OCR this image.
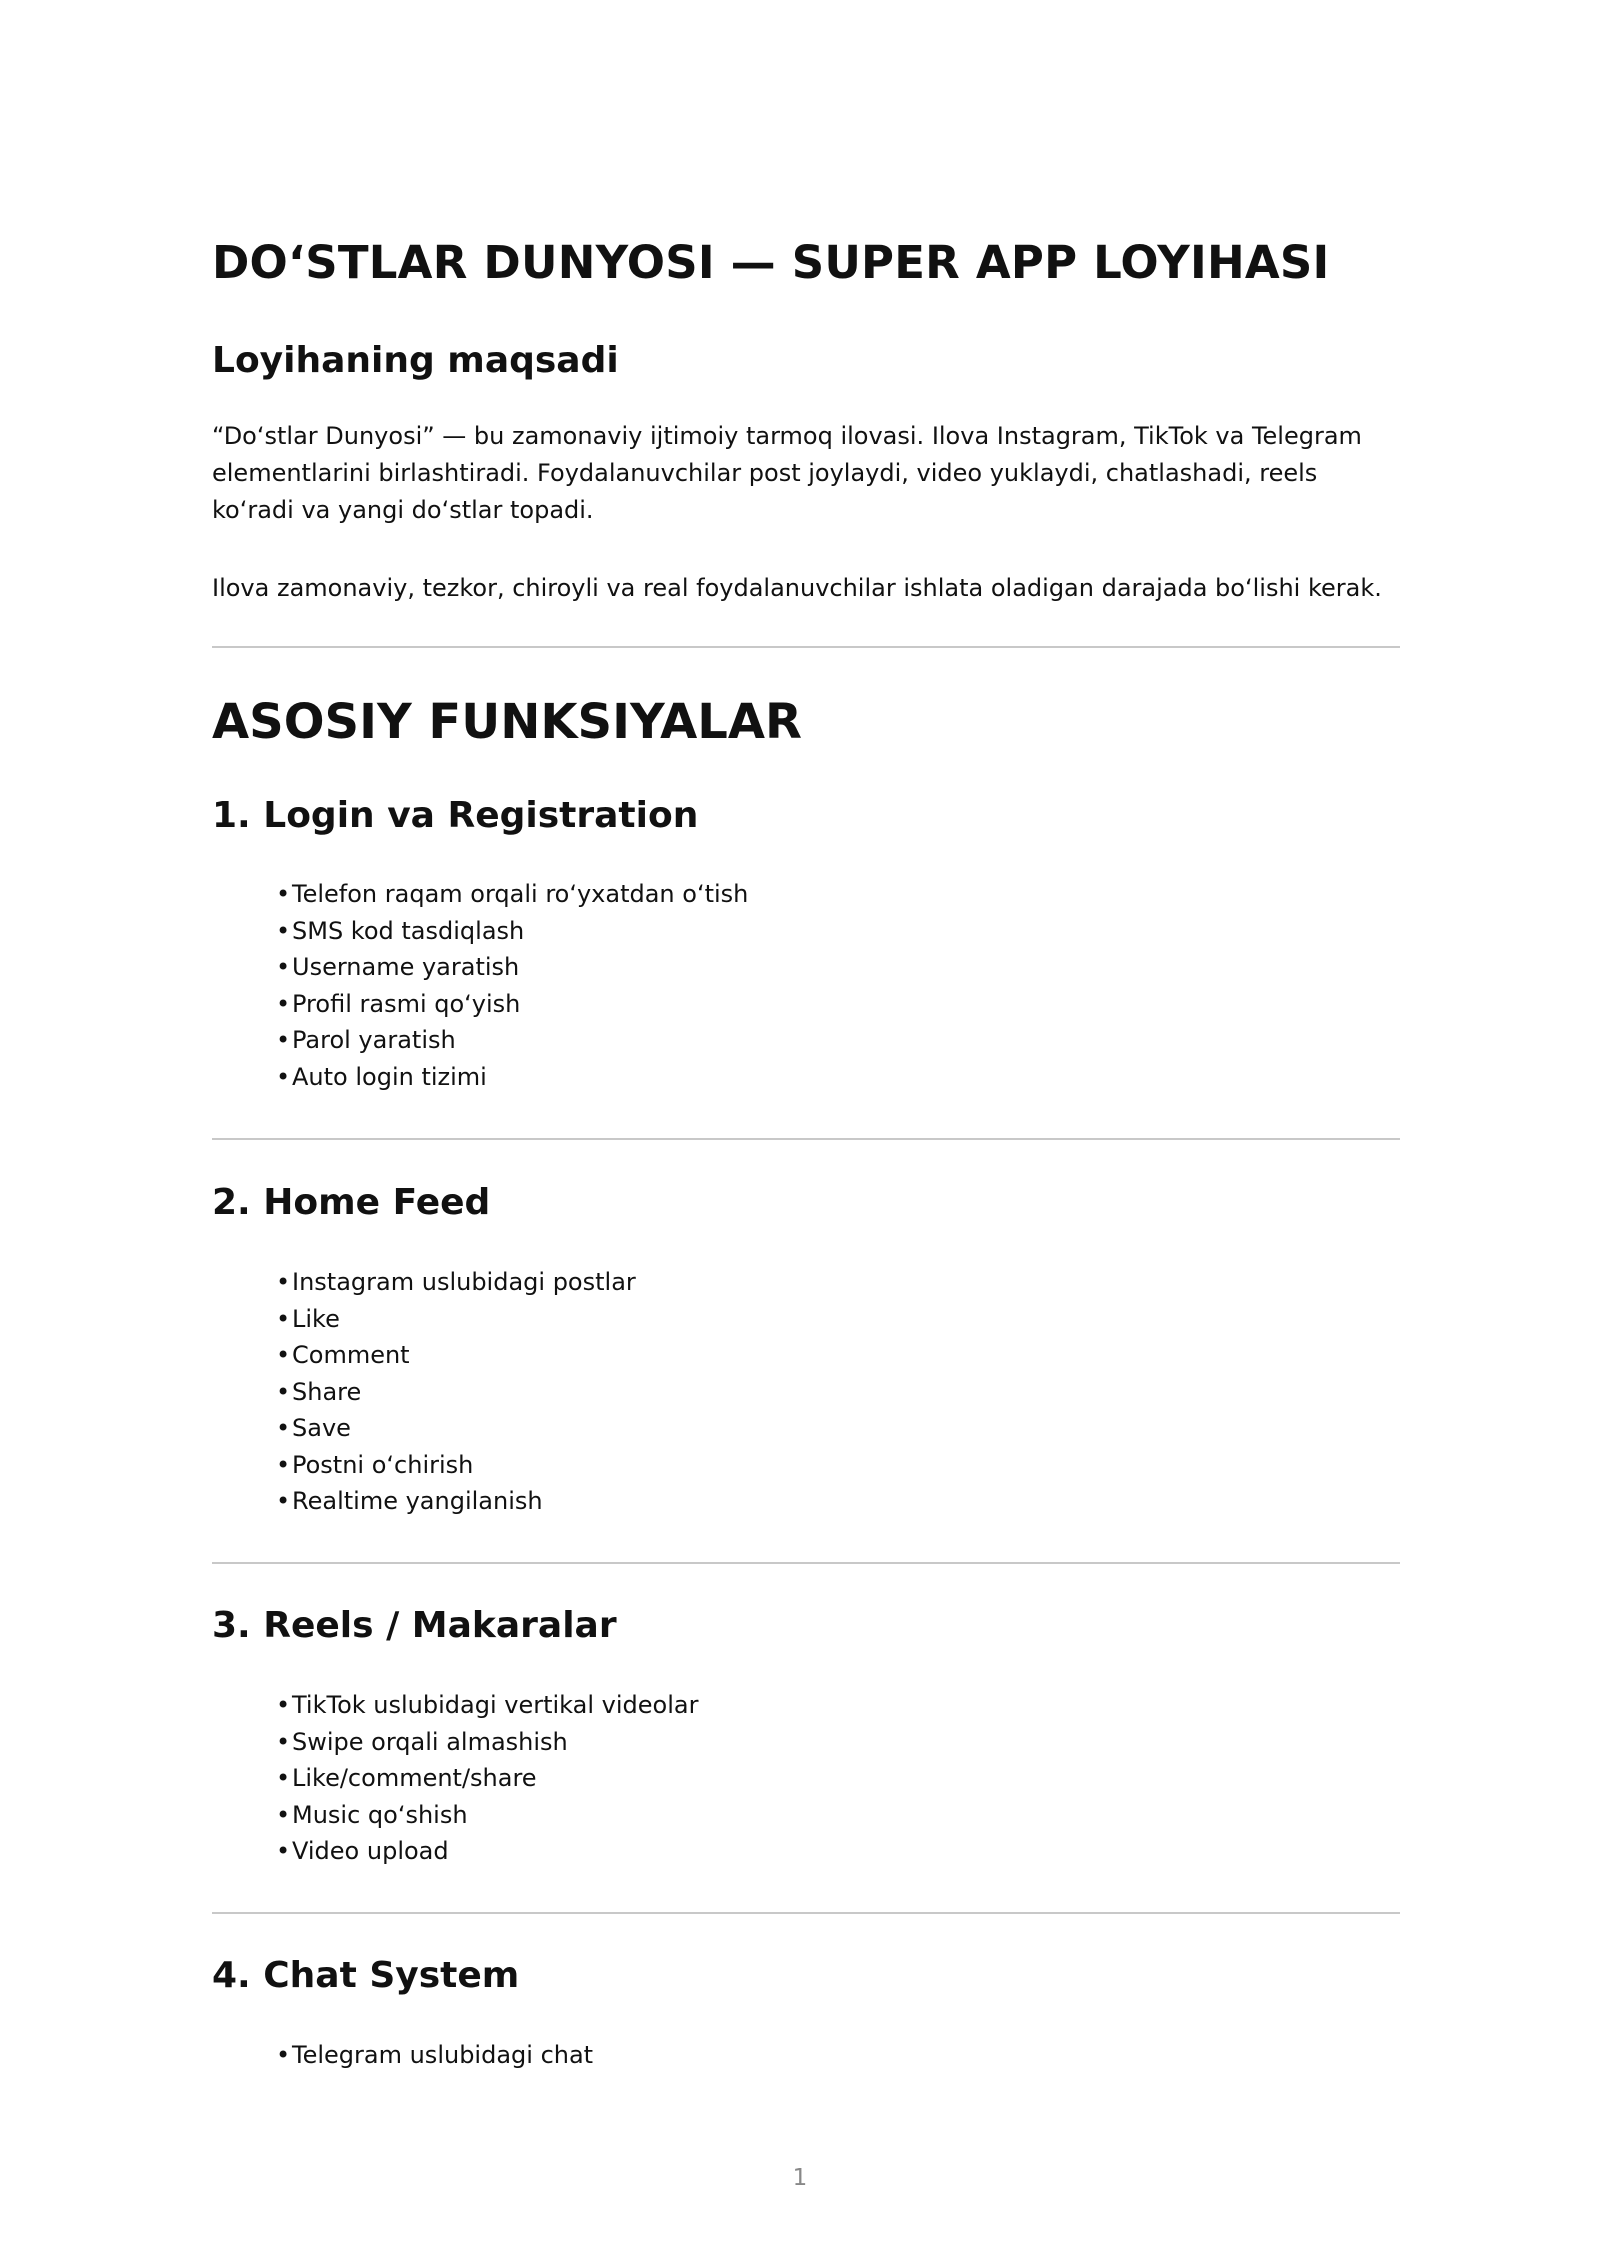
DO‘STLAR DUNYOSI — SUPER APP LOYIHASI
Loyihaning maqsadi

“Do‘stlar Dunyosi” — bu zamonaviy ijtimoiy tarmoq ilovasi. Ilova Instagram, TikTok va Telegram elementlarini birlashtiradi. Foydalanuvchilar post joylaydi, video yuklaydi, chatlashadi, reels ko‘radi va yangi do‘stlar topadi.

Ilova zamonaviy, tezkor, chiroyli va real foydalanuvchilar ishlata oladigan darajada bo‘lishi kerak.

ASOSIY FUNKSIYALAR
1. Login va Registration
•Telefon raqam orqali ro‘yxatdan o‘tish
•SMS kod tasdiqlash
•Username yaratish
•Profil rasmi qo‘yish
•Parol yaratish
•Auto login tizimi
2. Home Feed
•Instagram uslubidagi postlar
•Like
•Comment
•Share
•Save
•Postni o‘chirish
•Realtime yangilanish
3. Reels / Makaralar
•TikTok uslubidagi vertikal videolar
•Swipe orqali almashish
•Like/comment/share
•Music qo‘shish
•Video upload
4. Chat System
•Telegram uslubidagi chat
1
